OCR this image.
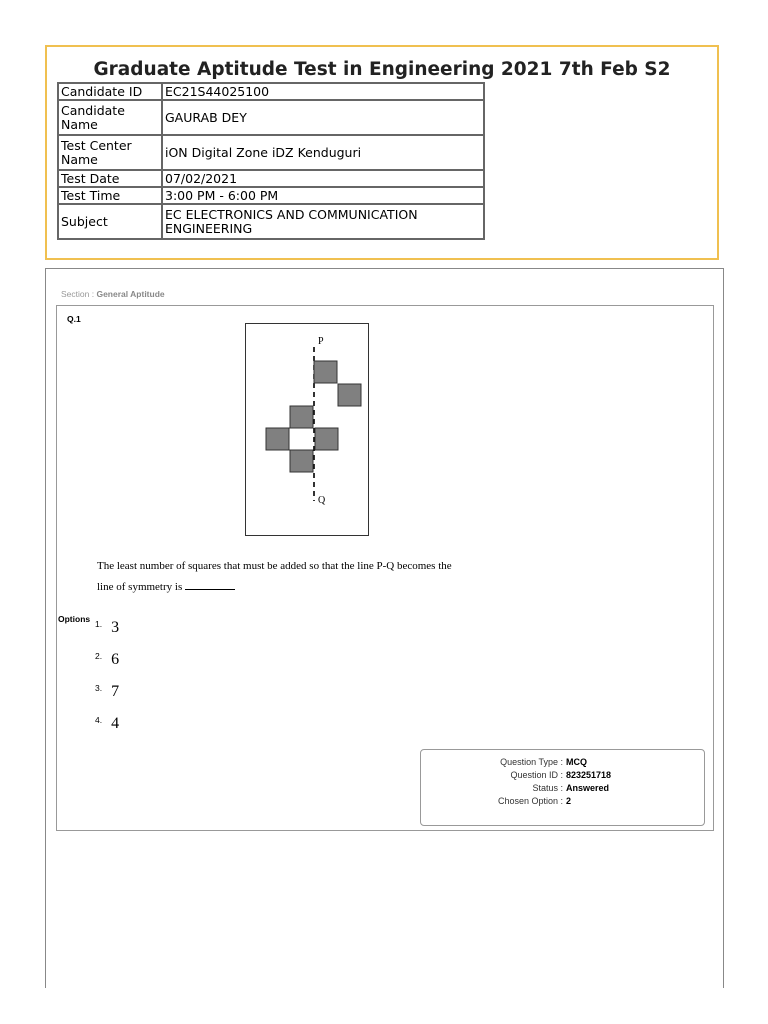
Graduate Aptitude Test in Engineering 2021 7th Feb S2
Candidate ID	EC21S44025100
Candidate Name	GAURAB DEY
Test Center Name	iON Digital Zone iDZ Kenduguri
Test Date	07/02/2021
Test Time	3:00 PM - 6:00 PM
Subject	EC ELECTRONICS AND COMMUNICATION ENGINEERING
Section : General Aptitude
Q.1
P
Q
The least number of squares that must be added so that the line P-Q becomes the
line of symmetry is
Options $^{1.}$ 3
$^{2.}$ 6
$^{3.}$ 7
$^{4.}$ 4
Question Type : MCQ
Question ID : 823251718
Status : Answered
Chosen Option : 2
